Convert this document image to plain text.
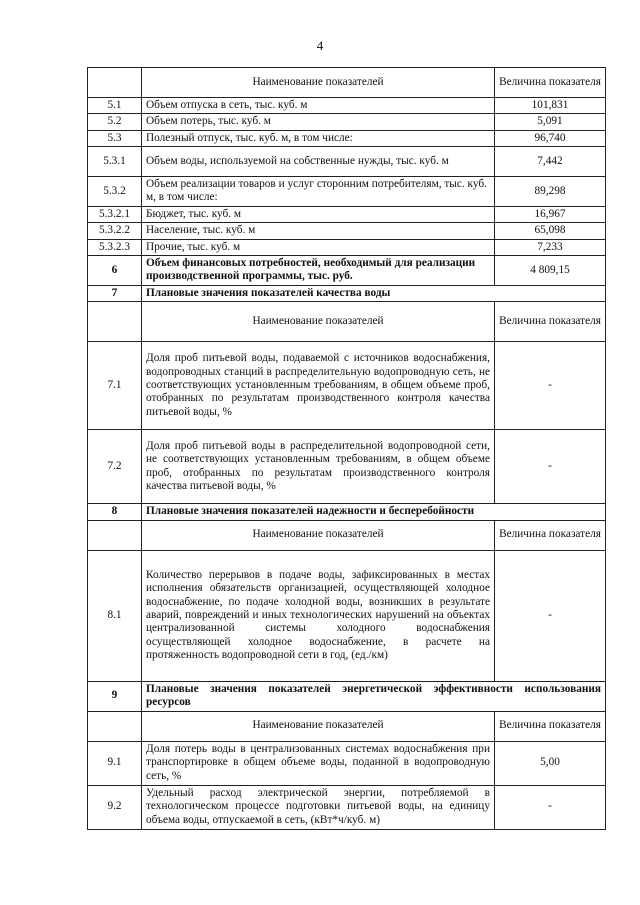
4
	Наименование показателей	Величина показателя
5.1	Объем отпуска в сеть, тыс. куб. м	101,831
5.2	Объем потерь, тыс. куб. м	5,091
5.3	Полезный отпуск, тыс. куб. м, в том числе:	96,740
5.3.1	Объем воды, используемой на собственные нужды, тыс. куб. м	7,442
5.3.2	Объем реализации товаров и услуг сторонним потребителям, тыс. куб. м, в том числе:	89,298
5.3.2.1	Бюджет, тыс. куб. м	16,967
5.3.2.2	Население, тыс. куб. м	65,098
5.3.2.3	Прочие, тыс. куб. м	7,233
6	Объем финансовых потребностей, необходимый для реализации производственной программы, тыс. руб.	4 809,15
7	Плановые значения показателей качества воды	
	Наименование показателей	Величина показателя
7.1	Доля проб питьевой воды, подаваемой с источников водоснабжения, водопроводных станций в распределительную водопроводную сеть, не соответствующих установленным требованиям, в общем объеме проб, отобранных по результатам производственного контроля качества питьевой воды, %	-
7.2	Доля проб питьевой воды в распределительной водопроводной сети, не соответствующих установленным требованиям, в общем объеме проб, отобранных по результатам производственного контроля качества питьевой воды, %	-
8	Плановые значения показателей надежности и бесперебойности	
	Наименование показателей	Величина показателя
8.1	Количество перерывов в подаче воды, зафиксированных в местах исполнения обязательств организацией, осуществляющей холодное водоснабжение, по подаче холодной воды, возникших в результате аварий, повреждений и иных технологических нарушений на объектах централизованной системы холодного водоснабжения осуществляющей холодное водоснабжение, в расчете на протяженность водопроводной сети в год, (ед./км)	-
9	Плановые значения показателей энергетической эффективности использования ресурсов	
	Наименование показателей	Величина показателя
9.1	Доля потерь воды в централизованных системах водоснабжения при транспортировке в общем объеме воды, поданной в водопроводную сеть, %	5,00
9.2	Удельный расход электрической энергии, потребляемой в технологическом процессе подготовки питьевой воды, на единицу объема воды, отпускаемой в сеть, (кВт*ч/куб. м)	-
